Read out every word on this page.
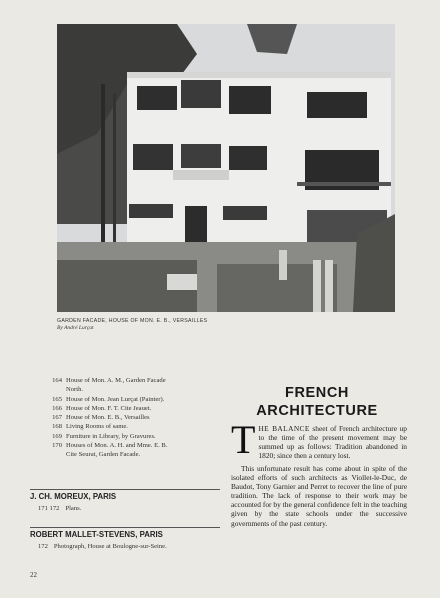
GARDEN FACADE, HOUSE OF MON. E. B., VERSAILLES
By André Lurçat
164 House of Mon. A. M., Garden Facade
North.
165 House of Mon. Jean Lurçat (Painter).
166 House of Mon. F. T. Cite Jeauet.
167 House of Mon. E. B., Versailles
168 Living Rooms of same.
169 Furniture in Library, by Gravures.
170 Houses of Mon. A. H. and Mme. E. B.
Cite Seurat, Garden Facade.
J. CH. MOREUX, PARIS
171 172 Plans.
ROBERT MALLET-STEVENS, PARIS
172 Photograph, House at Boulogne-sur-Seine.
FRENCH
ARCHITECTURE

THE BALANCE sheet of French architecture up to the time of the present movement may be summed up as follows: Tradition abandoned in 1820; since then a century lost.

This unfortunate result has come about in spite of the isolated efforts of such architects as Viollet-le-Duc, de Baudot, Tony Garnier and Perret to recover the line of pure tradition. The lack of response to their work may be accounted for by the general confidence felt in the teaching given by the state schools under the successive governments of the past century.

22
